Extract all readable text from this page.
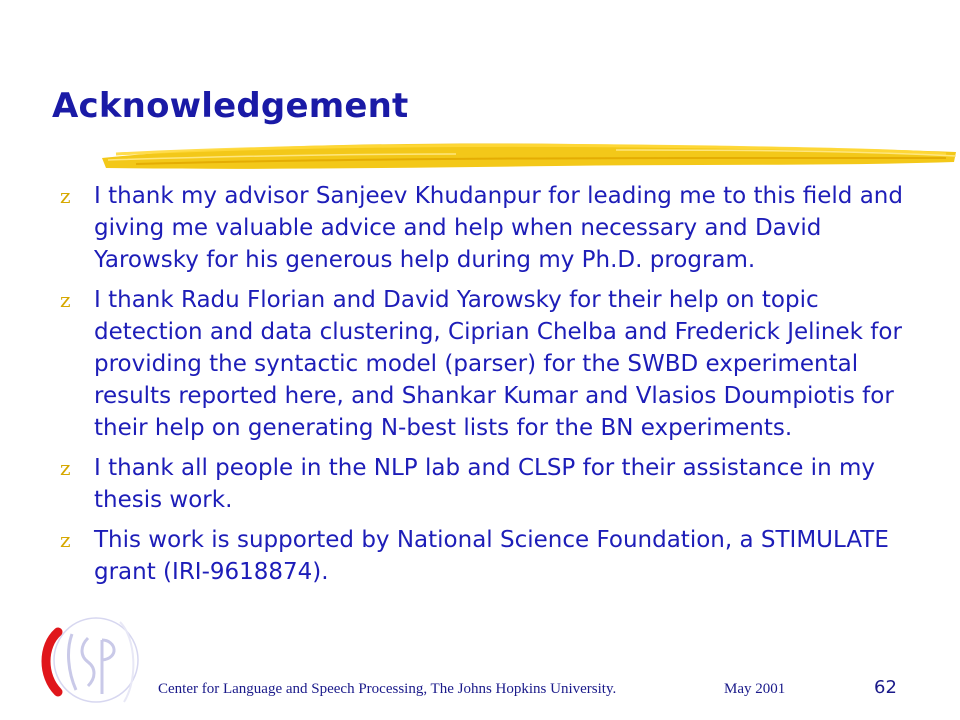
Acknowledgement
z I thank my advisor Sanjeev Khudanpur for leading me to this field and giving me valuable advice and help when necessary and David Yarowsky for his generous help during my Ph.D. program.
z I thank Radu Florian and David Yarowsky for their help on topic detection and data clustering, Ciprian Chelba and Frederick Jelinek for providing the syntactic model (parser) for the SWBD experimental results reported here, and Shankar Kumar and Vlasios Doumpiotis for their help on generating N-best lists for the BN experiments.
z I thank all people in the NLP lab and CLSP for their assistance in my thesis work.
z This work is supported by National Science Foundation, a STIMULATE grant (IRI-9618874).
Center for Language and Speech Processing, The Johns Hopkins University.	May 2001	62
